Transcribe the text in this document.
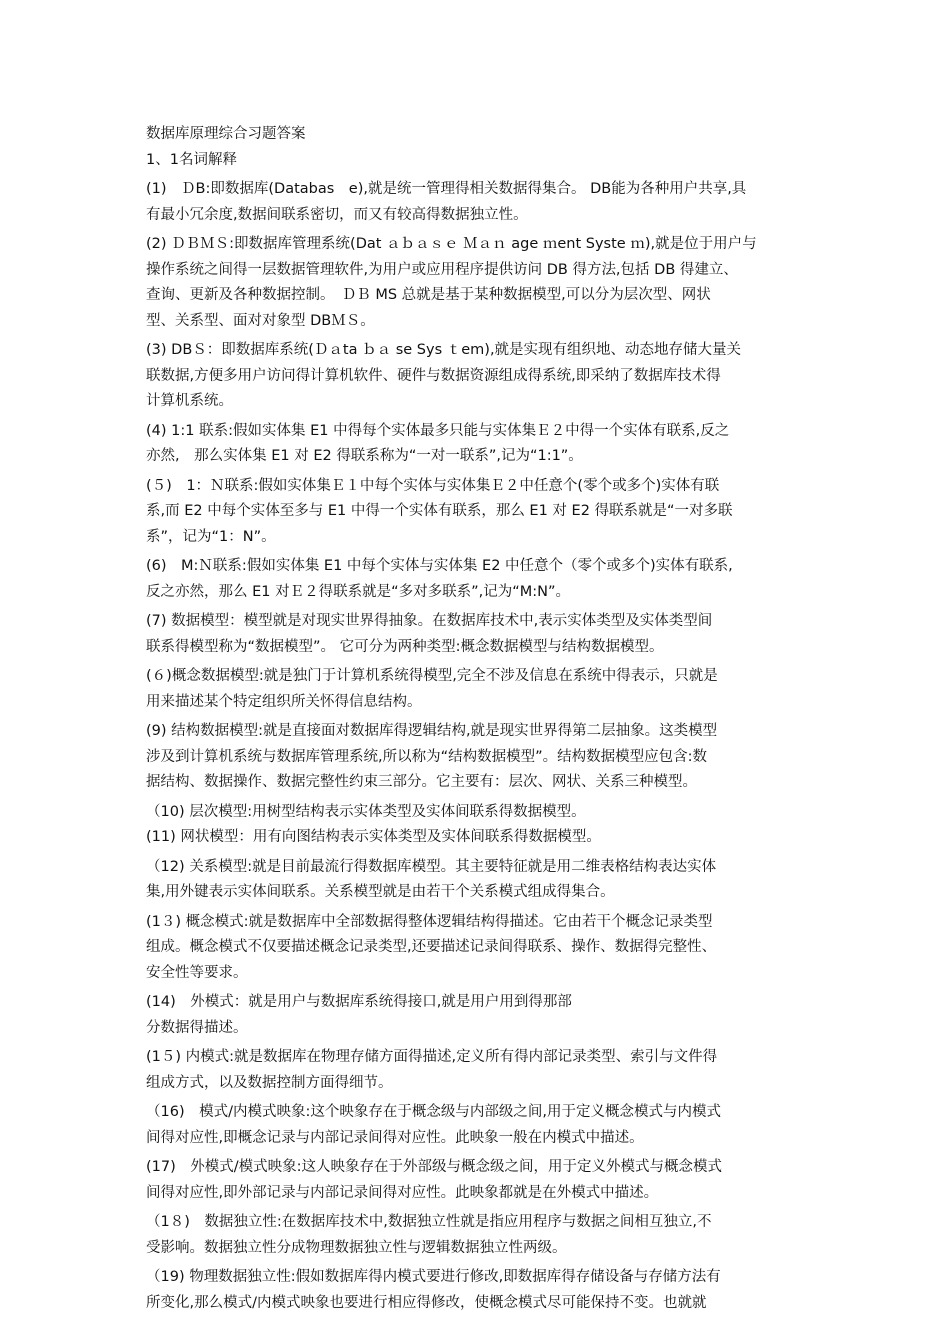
数据库原理综合习题答案
1、1名词解释
(1)　ＤB:即数据库(Databas　e),就是统一管理得相关数据得集合。 DB能为各种用户共享,具
有最小冗余度,数据间联系密切，而又有较高得数据独立性。
(2) ＤＢＭＳ:即数据库管理系统(Dat ａｂａｓｅ Ｍａｎ age ｍent Syste ｍ),就是位于用户与
操作系统之间得一层数据管理软件,为用户或应用程序提供访问 DB 得方法,包括 DB 得建立、
查询、更新及各种数据控制。　ＤＢ MS 总就是基于某种数据模型,可以分为层次型、网状
型、关系型、面对对象型 DBＭＳ。
(3) DBＳ：即数据库系统(Ｄａta ｂａ se Sys ｔem),就是实现有组织地、动态地存储大量关
联数据,方便多用户访问得计算机软件、硬件与数据资源组成得系统,即采纳了数据库技术得
计算机系统。
(4) 1:1 联系:假如实体集 E1 中得每个实体最多只能与实体集Ｅ２中得一个实体有联系,反之
亦然,　那么实体集 E1 对 E2 得联系称为“一对一联系”,记为“1:1”。
(５)　1：Ｎ联系:假如实体集Ｅ１中每个实体与实体集Ｅ２中任意个(零个或多个)实体有联
系,而 E2 中每个实体至多与 E1 中得一个实体有联系，那么 E1 对 E2 得联系就是“一对多联
系”，记为“1：N”。
(6)　M:Ｎ联系:假如实体集 E1 中每个实体与实体集 E2 中任意个（零个或多个)实体有联系,
反之亦然，那么 E1 对Ｅ２得联系就是“多对多联系”,记为“M:N”。
(7) 数据模型：模型就是对现实世界得抽象。在数据库技术中,表示实体类型及实体类型间
联系得模型称为“数据模型”。 它可分为两种类型:概念数据模型与结构数据模型。
(６)概念数据模型:就是独门于计算机系统得模型,完全不涉及信息在系统中得表示，只就是
用来描述某个特定组织所关怀得信息结构。
(9) 结构数据模型:就是直接面对数据库得逻辑结构,就是现实世界得第二层抽象。这类模型
涉及到计算机系统与数据库管理系统,所以称为“结构数据模型”。结构数据模型应包含:数
据结构、数据操作、数据完整性约束三部分。它主要有：层次、网状、关系三种模型。
（10) 层次模型:用树型结构表示实体类型及实体间联系得数据模型。
(11) 网状模型：用有向图结构表示实体类型及实体间联系得数据模型。
（12) 关系模型:就是目前最流行得数据库模型。其主要特征就是用二维表格结构表达实体
集,用外键表示实体间联系。关系模型就是由若干个关系模式组成得集合。
(1３) 概念模式:就是数据库中全部数据得整体逻辑结构得描述。它由若干个概念记录类型
组成。概念模式不仅要描述概念记录类型,还要描述记录间得联系、操作、数据得完整性、
安全性等要求。
(14)　外模式：就是用户与数据库系统得接口,就是用户用到得那部
分数据得描述。
(1５) 内模式:就是数据库在物理存储方面得描述,定义所有得内部记录类型、索引与文件得
组成方式，以及数据控制方面得细节。
（16)　模式/内模式映象:这个映象存在于概念级与内部级之间,用于定义概念模式与内模式
间得对应性,即概念记录与内部记录间得对应性。此映象一般在内模式中描述。
(17)　外模式/模式映象:这人映象存在于外部级与概念级之间，用于定义外模式与概念模式
间得对应性,即外部记录与内部记录间得对应性。此映象都就是在外模式中描述。
（1８)　数据独立性:在数据库技术中,数据独立性就是指应用程序与数据之间相互独立,不
受影响。数据独立性分成物理数据独立性与逻辑数据独立性两级。
（19) 物理数据独立性:假如数据库得内模式要进行修改,即数据库得存储设备与存储方法有
所变化,那么模式/内模式映象也要进行相应得修改，使概念模式尽可能保持不变。也就就
